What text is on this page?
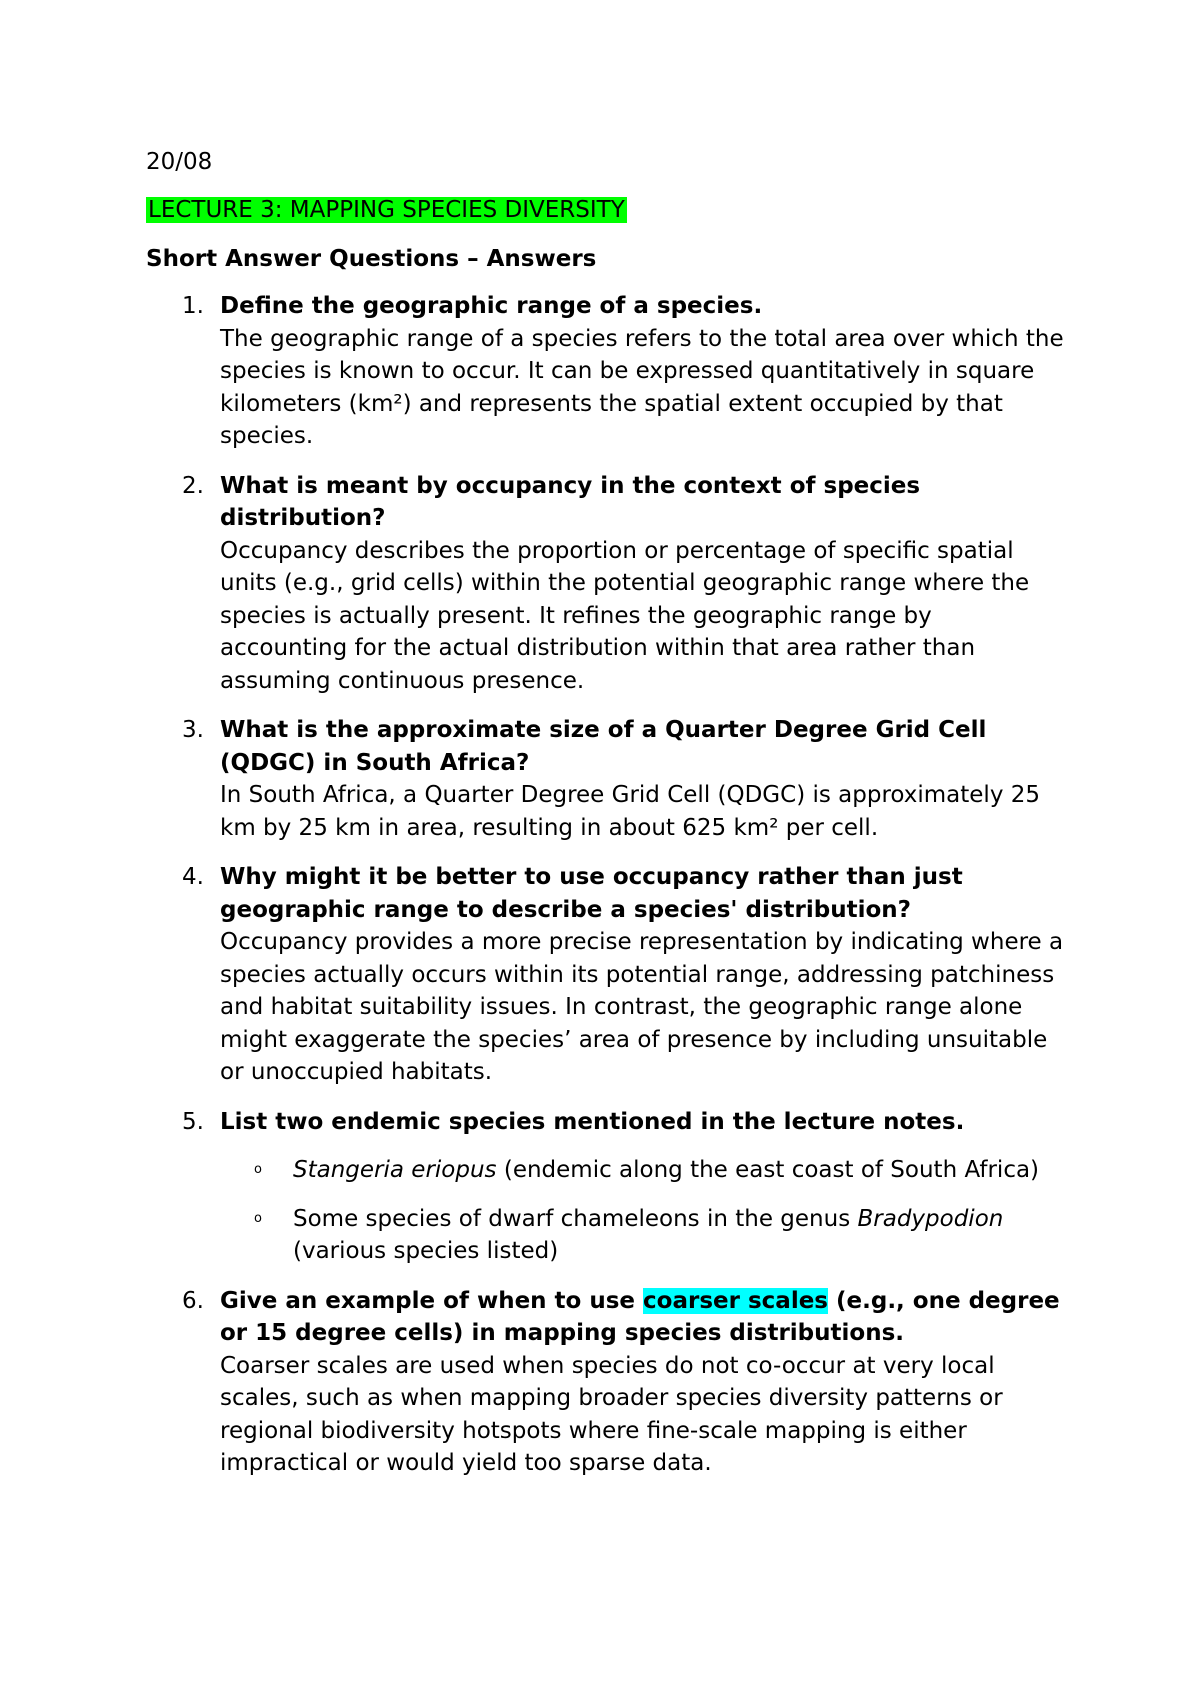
20/08
LECTURE 3: MAPPING SPECIES DIVERSITY
Short Answer Questions – Answers
1. Define the geographic range of a species.
The geographic range of a species refers to the total area over which the species is known to occur. It can be expressed quantitatively in square kilometers (km²) and represents the spatial extent occupied by that species.
2. What is meant by occupancy in the context of species distribution?
Occupancy describes the proportion or percentage of specific spatial units (e.g., grid cells) within the potential geographic range where the species is actually present. It refines the geographic range by accounting for the actual distribution within that area rather than assuming continuous presence.
3. What is the approximate size of a Quarter Degree Grid Cell (QDGC) in South Africa?
In South Africa, a Quarter Degree Grid Cell (QDGC) is approximately 25 km by 25 km in area, resulting in about 625 km² per cell.
4. Why might it be better to use occupancy rather than just geographic range to describe a species' distribution?
Occupancy provides a more precise representation by indicating where a species actually occurs within its potential range, addressing patchiness and habitat suitability issues. In contrast, the geographic range alone might exaggerate the species’ area of presence by including unsuitable or unoccupied habitats.
5. List two endemic species mentioned in the lecture notes.
o Stangeria eriopus (endemic along the east coast of South Africa)
o Some species of dwarf chameleons in the genus Bradypodion (various species listed)
6. Give an example of when to use coarser scales (e.g., one degree or 15 degree cells) in mapping species distributions.
Coarser scales are used when species do not co-occur at very local scales, such as when mapping broader species diversity patterns or regional biodiversity hotspots where fine-scale mapping is either impractical or would yield too sparse data.
